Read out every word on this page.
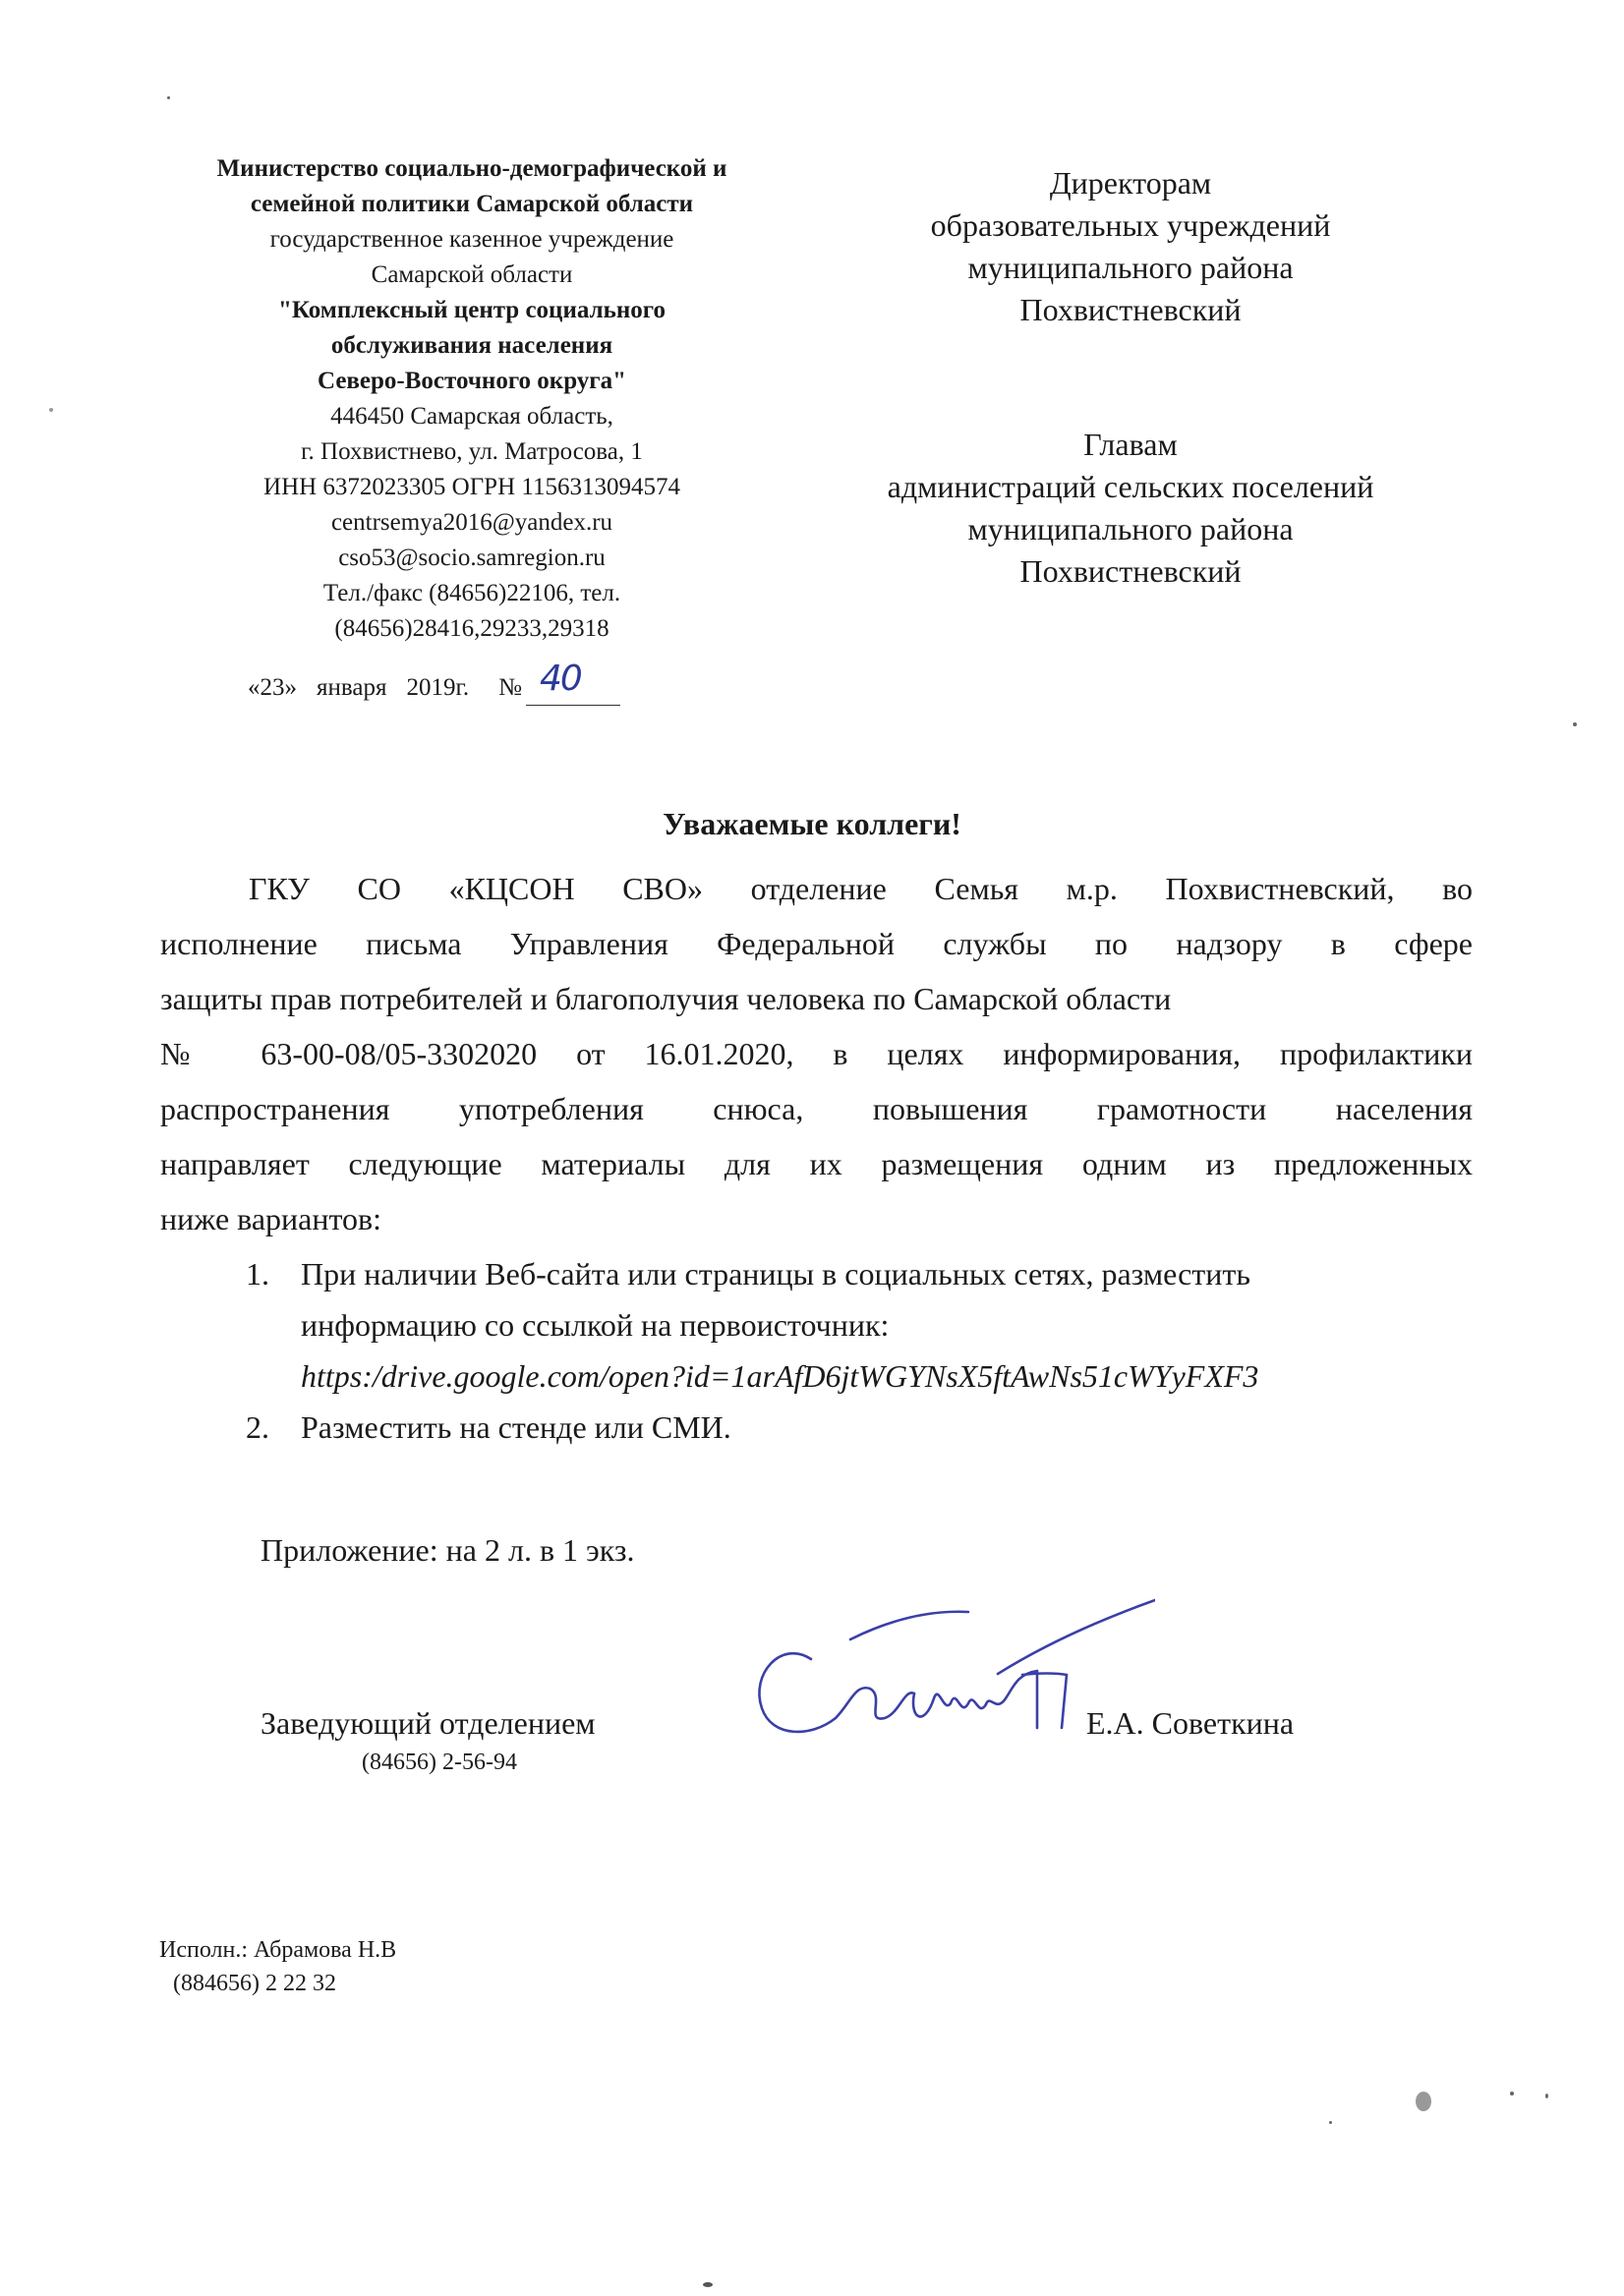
Министерство социально-демографической и
семейной политики Самарской области
государственное казенное учреждение
Самарской области
"Комплексный центр социального
обслуживания населения
Северо-Восточного округа"
446450 Самарская область,
г. Похвистнево, ул. Матросова, 1
ИНН 6372023305 ОГРН 1156313094574
centrsemya2016@yandex.ru
cso53@socio.samregion.ru
Тел./факс (84656)22106, тел.
(84656)28416,29233,29318
«23» января 2019г. № 40
Директорам
образовательных учреждений
муниципального района
Похвистневский
Главам
администраций сельских поселений
муниципального района
Похвистневский
Уважаемые коллеги!
ГКУ СО «КЦСОН СВО» отделение Семья м.р. Похвистневский, во
исполнение письма Управления Федеральной службы по надзору в сфере
защиты прав потребителей и благополучия человека по Самарской области
№ 63-00-08/05-3302020 от 16.01.2020, в целях информирования, профилактики
распространения употребления снюса, повышения грамотности населения
направляет следующие материалы для их размещения одним из предложенных
ниже вариантов:
1. При наличии Веб-сайта или страницы в социальных сетях, разместить
информацию со ссылкой на первоисточник:
https:/drive.google.com/open?id=1arAfD6jtWGYNsX5ftAwNs51cWYyFXF3
2. Разместить на стенде или СМИ.
Приложение: на 2 л. в 1 экз.
Заведующий отделением
(84656) 2-56-94
Е.А. Советкина
Исполн.: Абрамова Н.В
(884656) 2 22 32
